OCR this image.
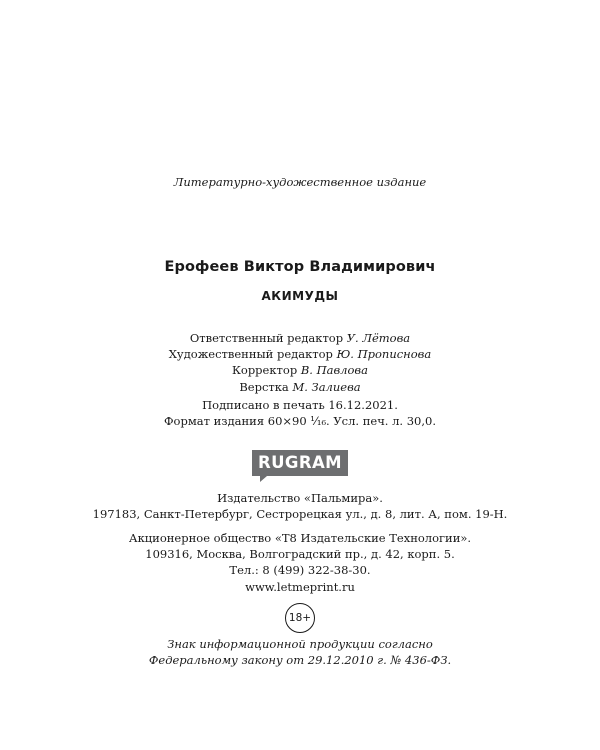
Литературно-художественное издание
Ерофеев Виктор Владимирович
АКИМУДЫ
Ответственный редактор У. Лётова
Художественный редактор Ю. Прописнова
Корректор В. Павлова
Верстка М. Залиева
Подписано в печать 16.12.2021.
Формат издания 60×90 ¹⁄₁₆. Усл. печ. л. 30,0.
RUGRAM
Издательство «Пальмира».
197183, Санкт-Петербург, Сестрорецкая ул., д. 8, лит. А, пом. 19-Н.
Акционерное общество «T8 Издательские Технологии».
109316, Москва, Волгоградский пр., д. 42, корп. 5.
Тел.: 8 (499) 322-38-30.
www.letmeprint.ru
18+
Знак информационной продукции согласно
Федеральному закону от 29.12.2010 г. № 436-ФЗ.
